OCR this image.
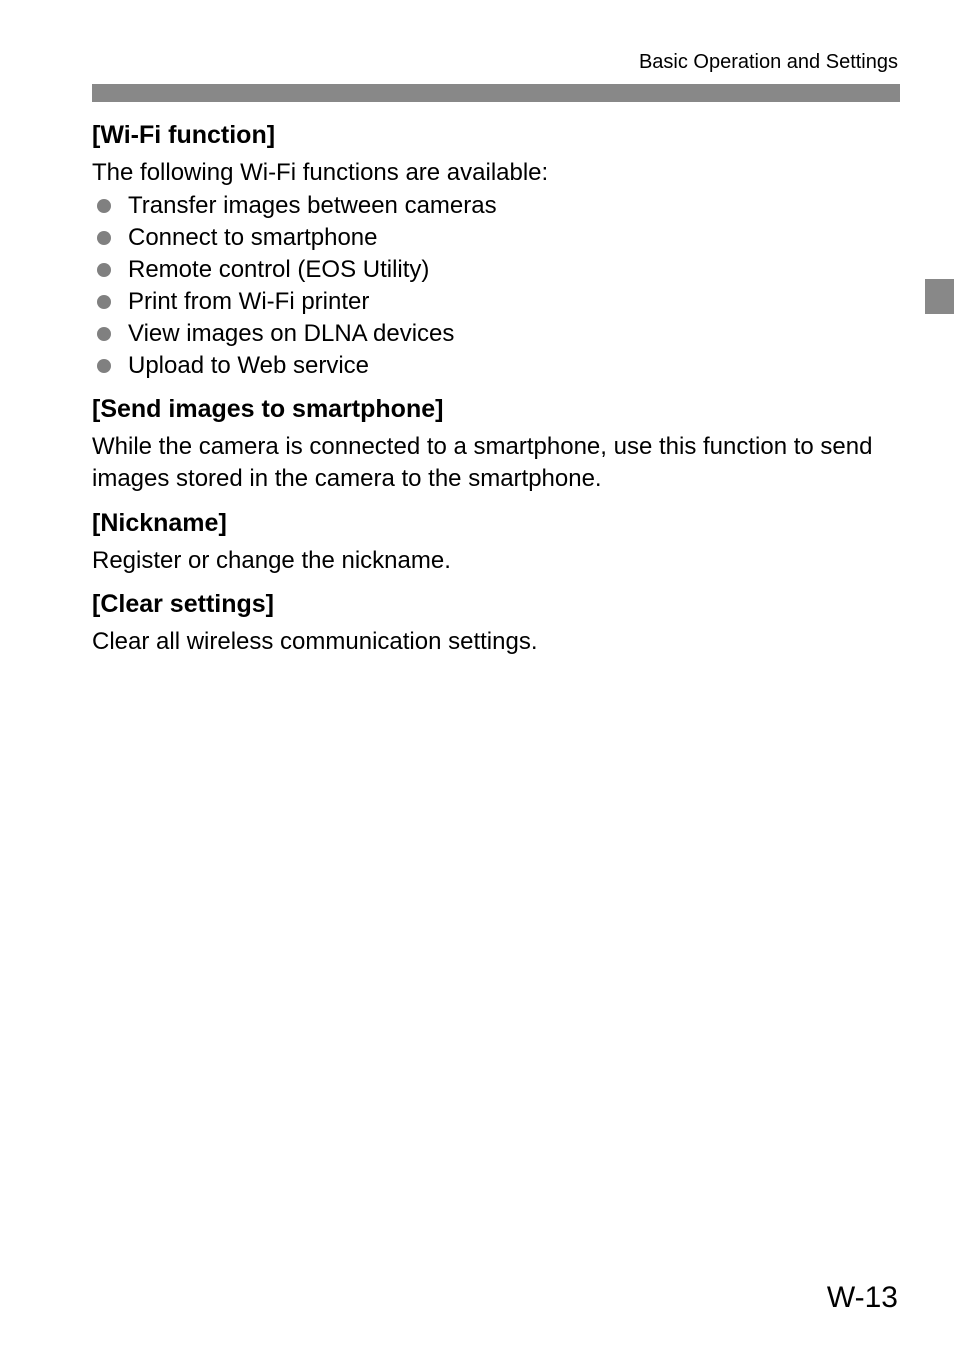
Basic Operation and Settings
[Wi-Fi function]

The following Wi-Fi functions are available:

Transfer images between cameras
Connect to smartphone
Remote control (EOS Utility)
Print from Wi-Fi printer
View images on DLNA devices
Upload to Web service
[Send images to smartphone]

While the camera is connected to a smartphone, use this function to send images stored in the camera to the smartphone.

[Nickname]

Register or change the nickname.

[Clear settings]

Clear all wireless communication settings.

W-13
